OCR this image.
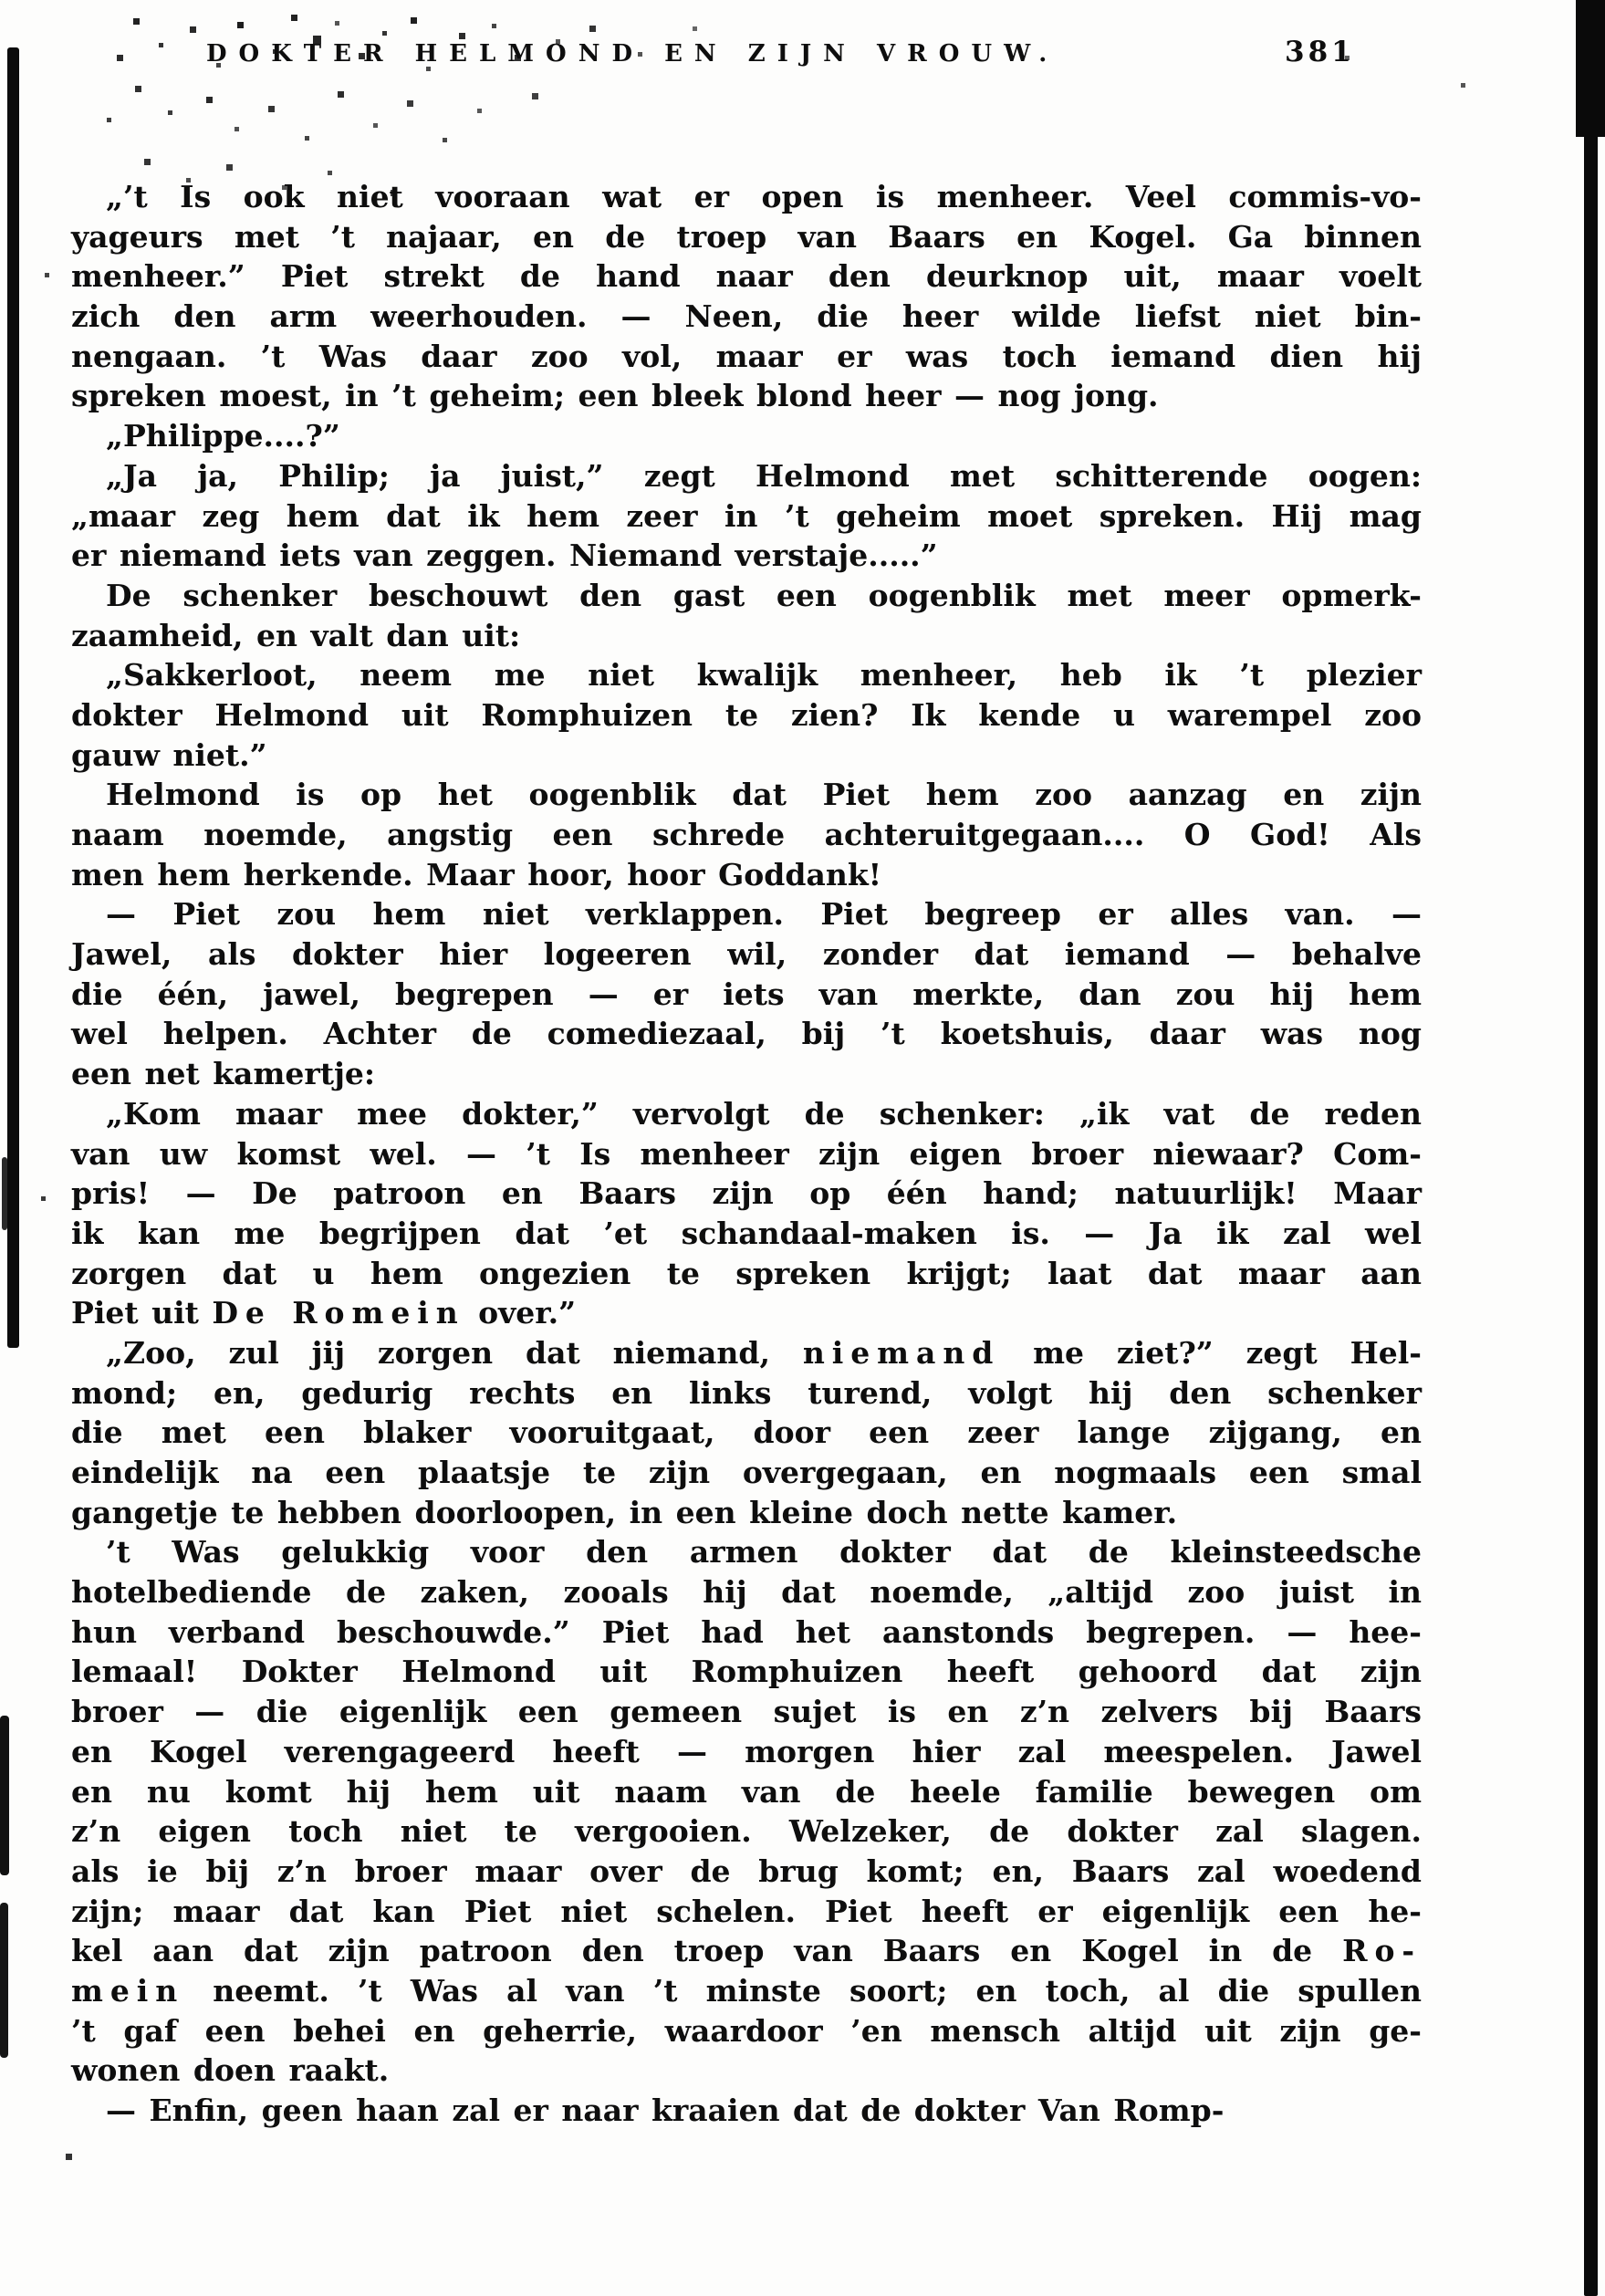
DOKTER HELMOND EN ZIJN VROUW.	381
„’t Is ook niet vooraan wat er open is menheer. Veel commis-vo-
yageurs met ’t najaar, en de troep van Baars en Kogel. Ga binnen
menheer.” Piet strekt de hand naar den deurknop uit, maar voelt
zich den arm weerhouden. — Neen, die heer wilde liefst niet bin-
nengaan. ’t Was daar zoo vol, maar er was toch iemand dien hij
spreken moest, in ’t geheim; een bleek blond heer — nog jong.
„Philippe....?”
„Ja ja, Philip; ja juist,” zegt Helmond met schitterende oogen:
„maar zeg hem dat ik hem zeer in ’t geheim moet spreken. Hij mag
er niemand iets van zeggen. Niemand verstaje.....”
De schenker beschouwt den gast een oogenblik met meer opmerk-
zaamheid, en valt dan uit:
„Sakkerloot, neem me niet kwalijk menheer, heb ik ’t plezier
dokter Helmond uit Romphuizen te zien? Ik kende u warempel zoo
gauw niet.”
Helmond is op het oogenblik dat Piet hem zoo aanzag en zijn
naam noemde, angstig een schrede achteruitgegaan.... O God! Als
men hem herkende. Maar hoor, hoor Goddank!
— Piet zou hem niet verklappen. Piet begreep er alles van. —
Jawel, als dokter hier logeeren wil, zonder dat iemand — behalve
die één, jawel, begrepen — er iets van merkte, dan zou hij hem
wel helpen. Achter de comediezaal, bij ’t koetshuis, daar was nog
een net kamertje:
„Kom maar mee dokter,” vervolgt de schenker: „ik vat de reden
van uw komst wel. — ’t Is menheer zijn eigen broer niewaar? Com-
pris! — De patroon en Baars zijn op één hand; natuurlijk! Maar
ik kan me begrijpen dat ’et schandaal-maken is. — Ja ik zal wel
zorgen dat u hem ongezien te spreken krijgt; laat dat maar aan
Piet uit De Romein over.”
„Zoo, zul jij zorgen dat niemand, niemand me ziet?” zegt Hel-
mond; en, gedurig rechts en links turend, volgt hij den schenker
die met een blaker vooruitgaat, door een zeer lange zijgang, en
eindelijk na een plaatsje te zijn overgegaan, en nogmaals een smal
gangetje te hebben doorloopen, in een kleine doch nette kamer.
’t Was gelukkig voor den armen dokter dat de kleinsteedsche
hotelbediende de zaken, zooals hij dat noemde, „altijd zoo juist in
hun verband beschouwde.” Piet had het aanstonds begrepen. — hee-
lemaal! Dokter Helmond uit Romphuizen heeft gehoord dat zijn
broer — die eigenlijk een gemeen sujet is en z’n zelvers bij Baars
en Kogel verengageerd heeft — morgen hier zal meespelen. Jawel
en nu komt hij hem uit naam van de heele familie bewegen om
z’n eigen toch niet te vergooien. Welzeker, de dokter zal slagen.
als ie bij z’n broer maar over de brug komt; en, Baars zal woedend
zijn; maar dat kan Piet niet schelen. Piet heeft er eigenlijk een he-
kel aan dat zijn patroon den troep van Baars en Kogel in de Ro-
mein neemt. ’t Was al van ’t minste soort; en toch, al die spullen
’t gaf een behei en geherrie, waardoor ’en mensch altijd uit zijn ge-
wonen doen raakt.
— Enfin, geen haan zal er naar kraaien dat de dokter Van Romp-
